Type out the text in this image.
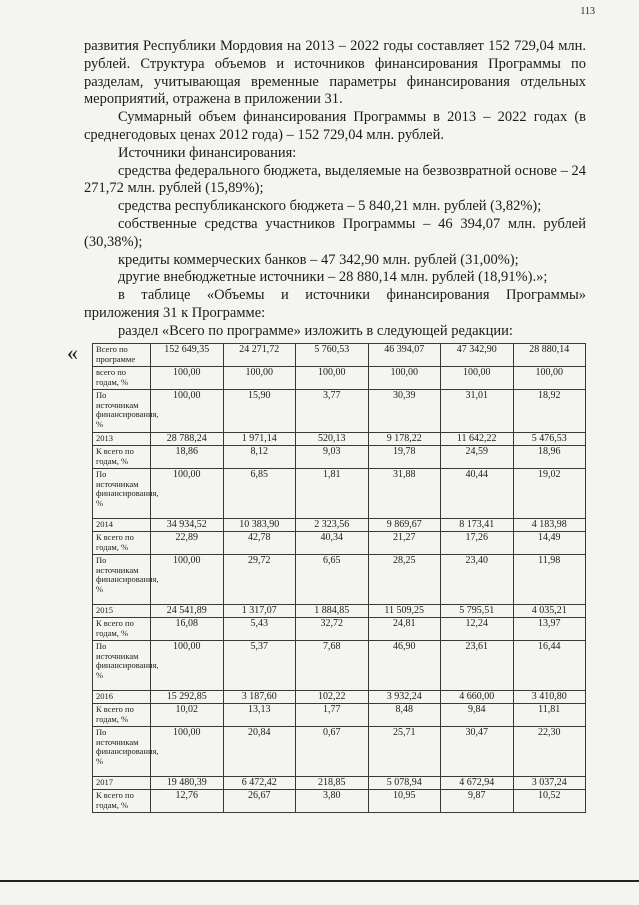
113

развития Республики Мордовия на 2013 – 2022 годы составляет 152 729,04 млн. рублей. Структура объемов и источников финансирования Программы по разделам, учитывающая временные параметры финансирования отдельных мероприятий, отражена в приложении 31.

Суммарный объем финансирования Программы в 2013 – 2022 годах (в среднегодовых ценах 2012 года) – 152 729,04 млн. рублей.

Источники финансирования:

средства федерального бюджета, выделяемые на безвозвратной основе – 24 271,72 млн. рублей (15,89%);

средства республиканского бюджета – 5 840,21 млн. рублей (3,82%);

собственные средства участников Программы – 46 394,07 млн. рублей (30,38%);

кредиты коммерческих банков – 47 342,90 млн. рублей (31,00%);

другие внебюджетные источники – 28 880,14 млн. рублей (18,91%).»;

в таблице «Объемы и источники финансирования Программы» приложения 31 к Программе:

раздел «Всего по программе» изложить в следующей редакции:

« Всего по программе	152 649,35	24 271,72	5 760,53	46 394,07	47 342,90	28 880,14
всего по годам, %	100,00	100,00	100,00	100,00	100,00	100,00
По источникам финансирования, %	100,00	15,90	3,77	30,39	31,01	18,92
2013	28 788,24	1 971,14	520,13	9 178,22	11 642,22	5 476,53
К всего по годам, %	18,86	8,12	9,03	19,78	24,59	18,96
По источникам финансирования, %	100,00	6,85	1,81	31,88	40,44	19,02
2014	34 934,52	10 383,90	2 323,56	9 869,67	8 173,41	4 183,98
К всего по годам, %	22,89	42,78	40,34	21,27	17,26	14,49
По источникам финансирования, %	100,00	29,72	6,65	28,25	23,40	11,98
2015	24 541,89	1 317,07	1 884,85	11 509,25	5 795,51	4 035,21
К всего по годам, %	16,08	5,43	32,72	24,81	12,24	13,97
По источникам финансирования, %	100,00	5,37	7,68	46,90	23,61	16,44
2016	15 292,85	3 187,60	102,22	3 932,24	4 660,00	3 410,80
К всего по годам, %	10,02	13,13	1,77	8,48	9,84	11,81
По источникам финансирования, %	100,00	20,84	0,67	25,71	30,47	22,30
2017	19 480,39	6 472,42	218,85	5 078,94	4 672,94	3 037,24
К всего по годам, %	12,76	26,67	3,80	10,95	9,87	10,52
